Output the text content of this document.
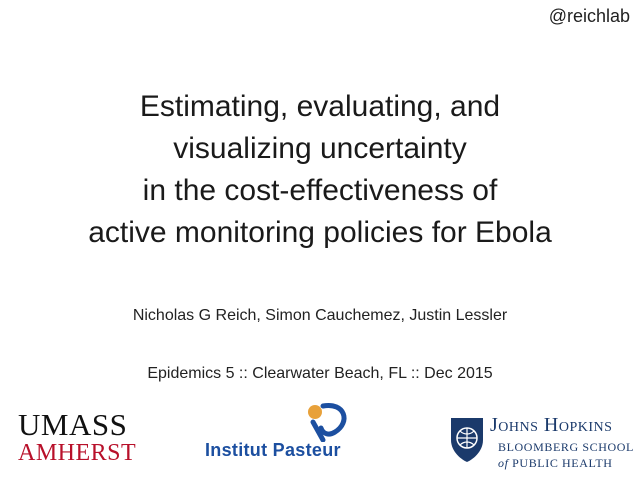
@reichlab
Estimating, evaluating, and
visualizing uncertainty
in the cost-effectiveness of
active monitoring policies for Ebola
Nicholas G Reich, Simon Cauchemez, Justin Lessler
Epidemics 5 :: Clearwater Beach, FL :: Dec 2015
UMASS
AMHERST	Institut Pasteur
Johns Hopkins
BLOOMBERG SCHOOL
of PUBLIC HEALTH
